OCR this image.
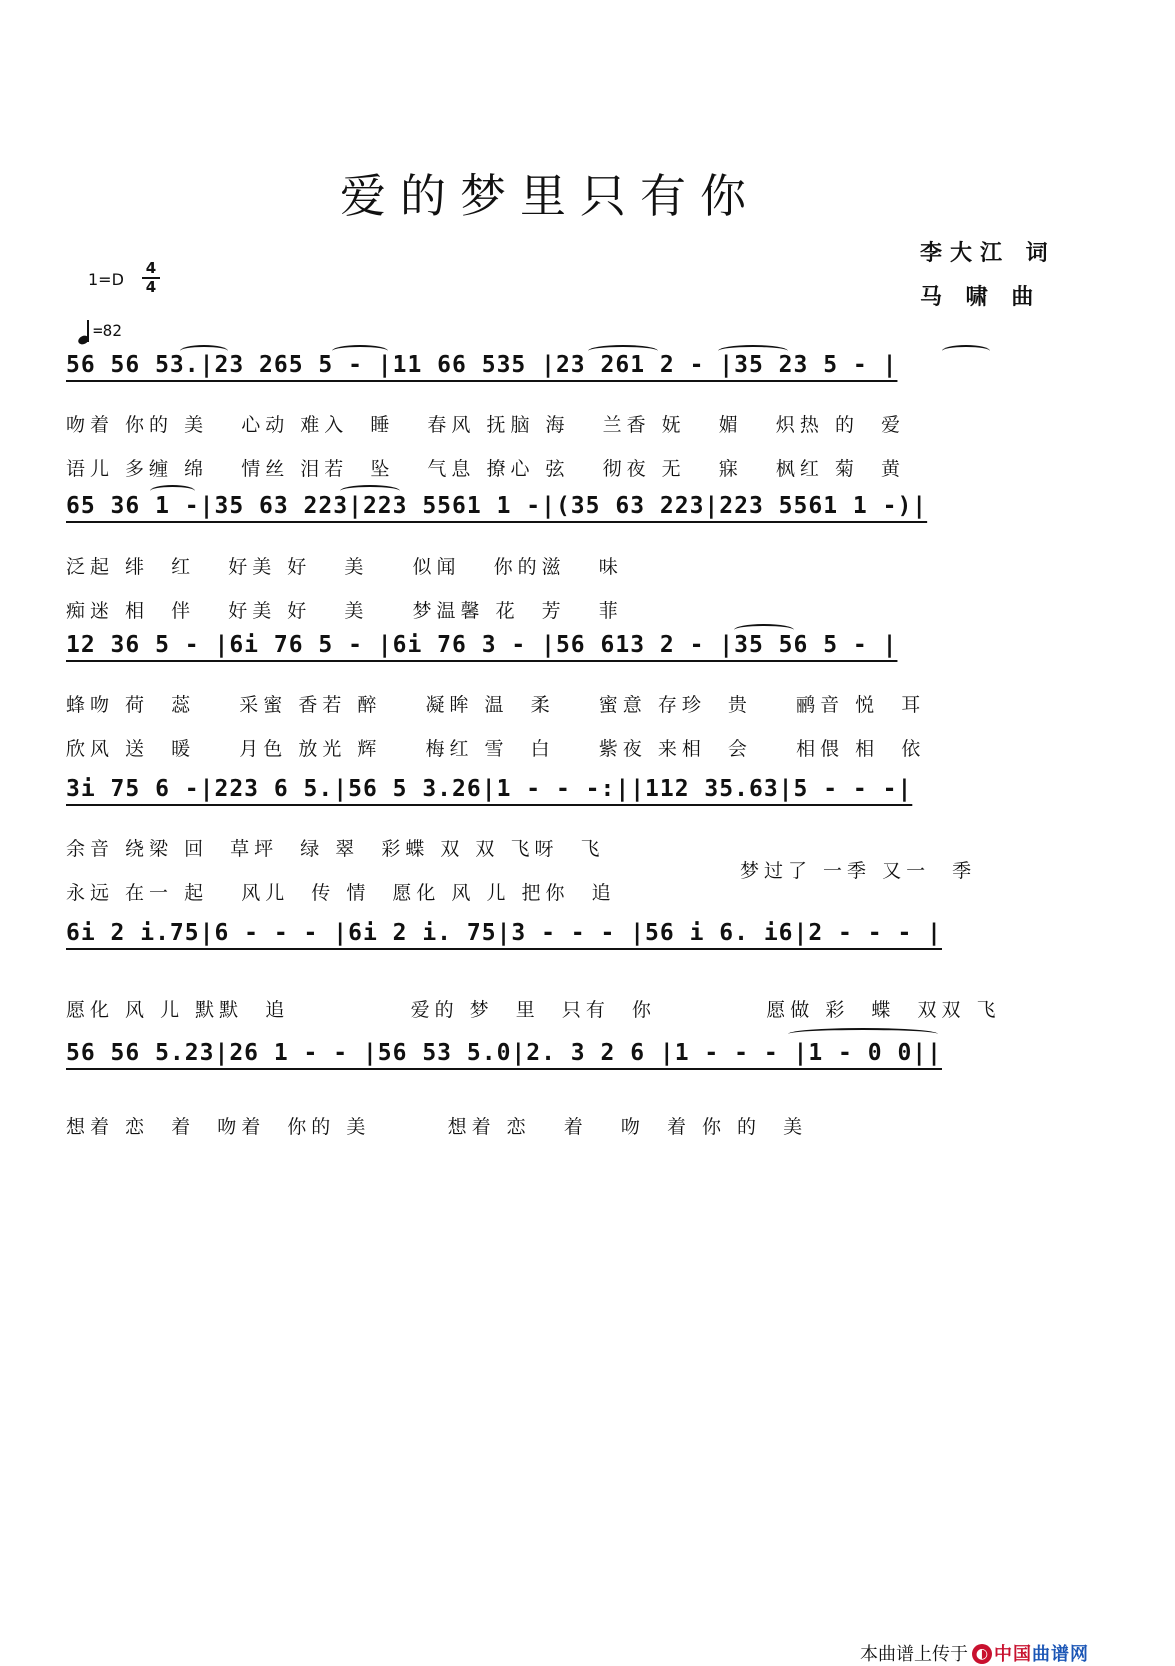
爱的梦里只有你
李大江 词
马 啸 曲
1=D
4
4
=82
56 56 53.|23 265 5 - |11 66 535 |23 261 2 - |35 23 5 - |
吻着 你的 美   心动 难入  睡   春风 抚脑 海   兰香 妩   媚   炽热 的  爱
语儿 多缠 绵   情丝 泪若  坠   气息 撩心 弦   彻夜 无   寐   枫红 菊  黄
65 36 1 -|35 63 223|223 5561 1 -|(35 63 223|223 5561 1 -)|
泛起 绯  红   好美 好   美    似闻   你的滋   味
痴迷 相  伴   好美 好   美    梦温馨 花  芳   菲
12 36 5 - |6i 76 5 - |6i 76 3 - |56 613 2 - |35 56 5 - |
蜂吻 荷  蕊    采蜜 香若 醉    凝眸 温  柔    蜜意 存珍  贵    鹂音 悦  耳
欣风 送  暖    月色 放光 辉    梅红 雪  白    紫夜 来相  会    相偎 相  依
3i 75 6 -|223 6 5.|56 5 3.26|1 - - -:||112 35.63|5 - - -|
余音 绕梁 回  草坪  绿 翠  彩蝶 双 双 飞呀  飞
永远 在一 起   风儿  传 情  愿化 风 儿 把你  追
梦过了 一季 又一  季
6i 2 i.75|6 - - - |6i 2 i. 75|3 - - - |56 i 6. i6|2 - - - |
愿化 风 儿 默默  追           爱的 梦  里  只有  你          愿做 彩  蝶  双双 飞
56 56 5.23|26 1 - - |56 53 5.0|2. 3 2 6 |1 - - - |1 - 0 0||
想着 恋  着  吻着  你的 美       想着 恋   着   吻  着 你 的  美
本曲谱上传于 ◐ 中国曲谱网
